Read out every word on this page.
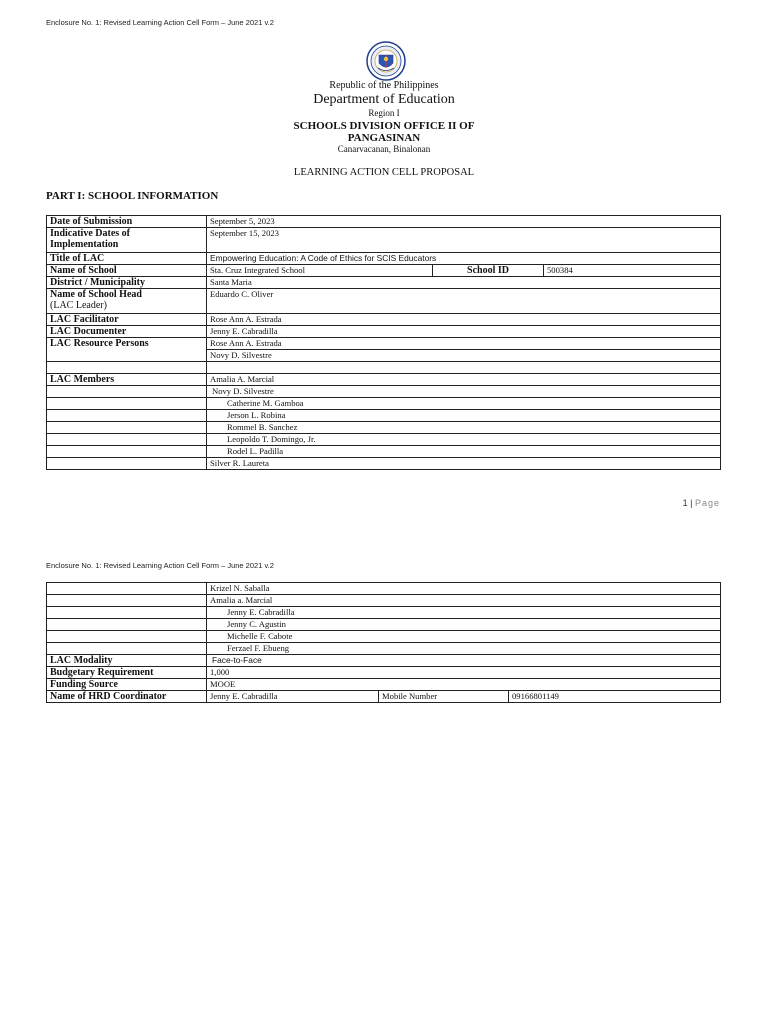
Enclosure No. 1: Revised Learning Action Cell Form – June 2021 v.2
Republic of the Philippines
Department of Education
Region I
SCHOOLS DIVISION OFFICE II OF
PANGASINAN
Canarvacanan, Binalonan
LEARNING ACTION CELL PROPOSAL
PART I: SCHOOL INFORMATION
Date of Submission	September 5, 2023		
Indicative Dates of
Implementation	September 15, 2023		
Title of LAC	Empowering Education: A Code of Ethics for SCIS Educators		
Name of School	Sta. Cruz Integrated School	School ID	500384
District / Municipality	Santa Maria		
Name of School Head
(LAC Leader)	Eduardo C. Oliver		
LAC Facilitator	Rose Ann A. Estrada		
LAC Documenter	Jenny E. Cabradilla		
LAC Resource Persons	Rose Ann A. Estrada		
	Novy D. Silvestre		

LAC Members	Amalia A. Marcial		
	Novy D. Silvestre		
	Catherine M. Gamboa		
	Jerson L. Robina		
	Rommel B. Sanchez		
	Leopoldo T. Domingo, Jr.		
	Rodel L. Padilla		
	Silver R. Laureta		
1 | Page
Enclosure No. 1: Revised Learning Action Cell Form – June 2021 v.2
	Krizel N. Saballa		
	Amalia a. Marcial		
	Jenny E. Cabradilla		
	Jenny C. Agustin		
	Michelle F. Cabote		
	Ferzael F. Ebueng		
LAC Modality	Face-to-Face		
Budgetary Requirement	1,000		
Funding Source	MOOE		
Name of HRD Coordinator	Jenny E. Cabradilla	Mobile Number	09166801149
